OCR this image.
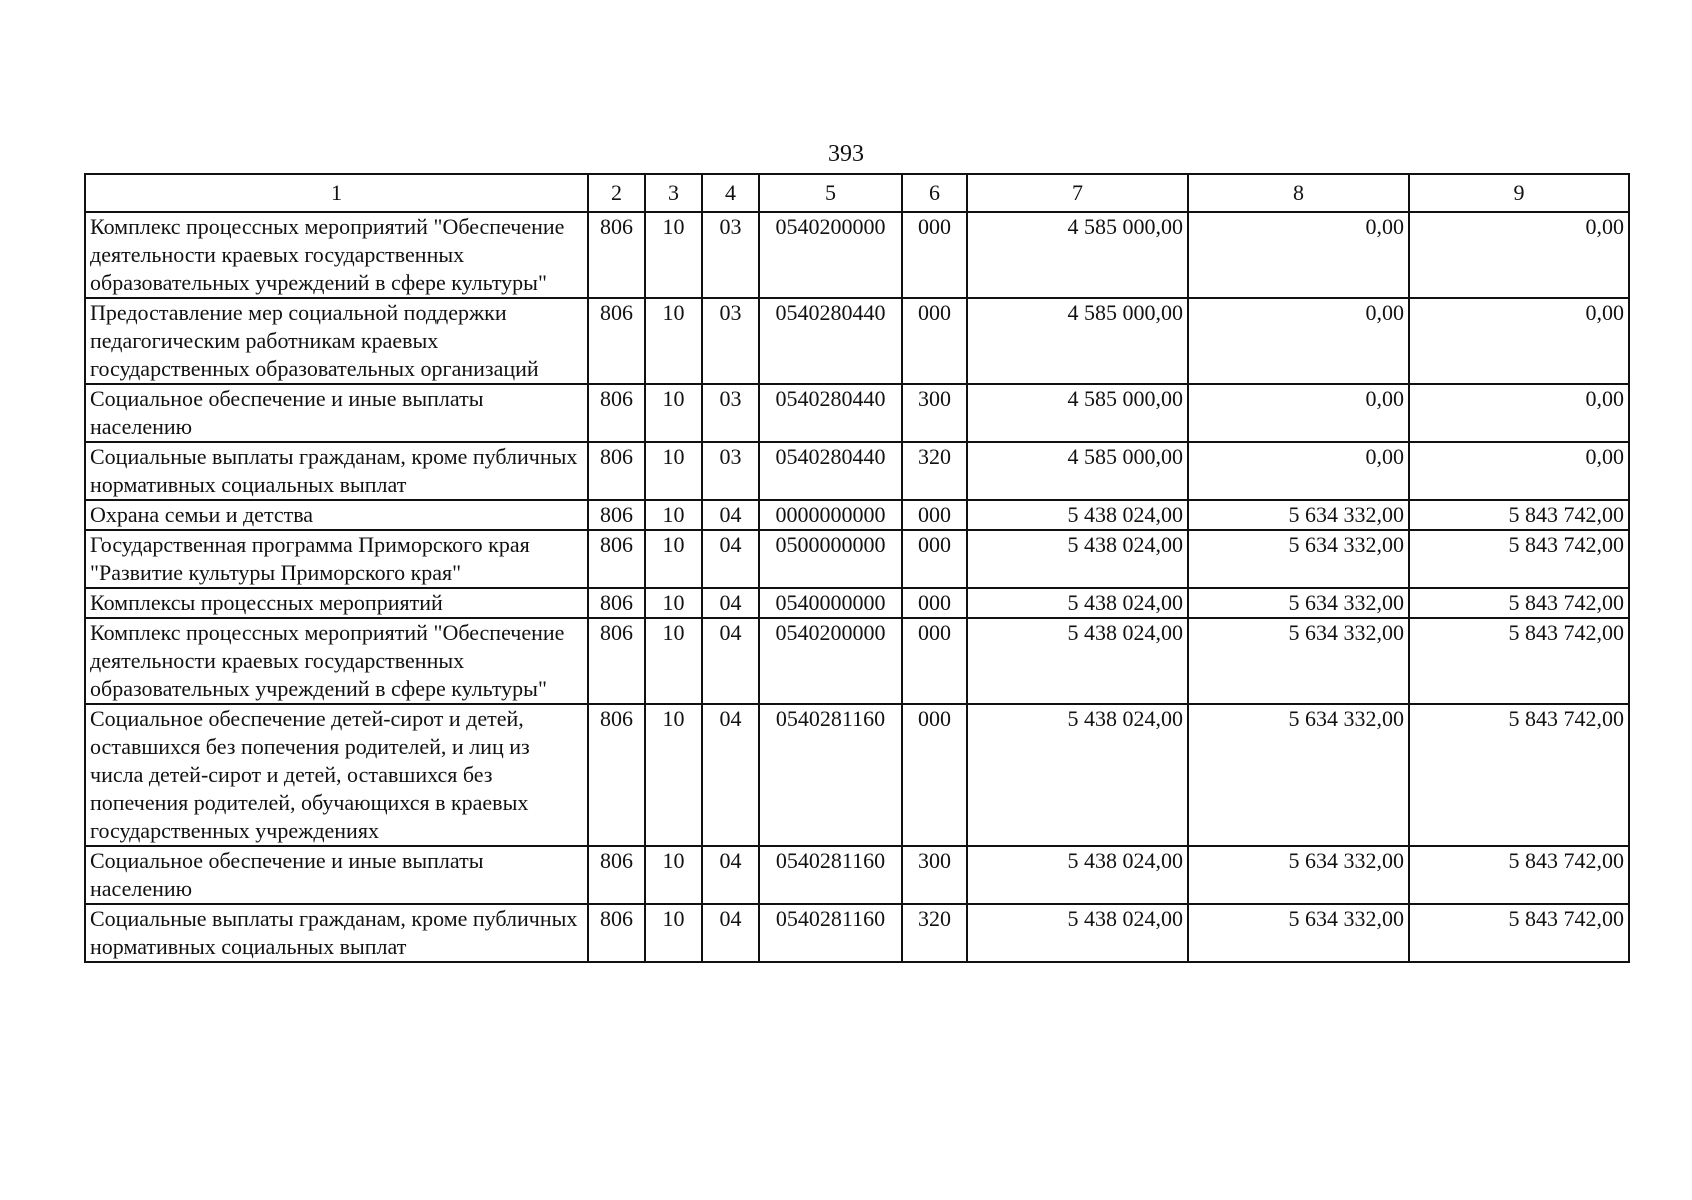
393
1	2	3	4	5	6	7	8	9
Комплекс процессных мероприятий "Обеспечение деятельности краевых государственных образовательных учреждений в сфере культуры"	806	10	03	0540200000	000	4 585 000,00	0,00	0,00
Предоставление мер социальной поддержки педагогическим работникам краевых государственных образовательных организаций	806	10	03	0540280440	000	4 585 000,00	0,00	0,00
Социальное обеспечение и иные выплаты населению	806	10	03	0540280440	300	4 585 000,00	0,00	0,00
Социальные выплаты гражданам, кроме публичных нормативных социальных выплат	806	10	03	0540280440	320	4 585 000,00	0,00	0,00
Охрана семьи и детства	806	10	04	0000000000	000	5 438 024,00	5 634 332,00	5 843 742,00
Государственная программа Приморского края "Развитие культуры Приморского края"	806	10	04	0500000000	000	5 438 024,00	5 634 332,00	5 843 742,00
Комплексы процессных мероприятий	806	10	04	0540000000	000	5 438 024,00	5 634 332,00	5 843 742,00
Комплекс процессных мероприятий "Обеспечение деятельности краевых государственных образовательных учреждений в сфере культуры"	806	10	04	0540200000	000	5 438 024,00	5 634 332,00	5 843 742,00
Социальное обеспечение детей-сирот и детей, оставшихся без попечения родителей, и лиц из числа детей-сирот и детей, оставшихся без попечения родителей, обучающихся в краевых государственных учреждениях	806	10	04	0540281160	000	5 438 024,00	5 634 332,00	5 843 742,00
Социальное обеспечение и иные выплаты населению	806	10	04	0540281160	300	5 438 024,00	5 634 332,00	5 843 742,00
Социальные выплаты гражданам, кроме публичных нормативных социальных выплат	806	10	04	0540281160	320	5 438 024,00	5 634 332,00	5 843 742,00
